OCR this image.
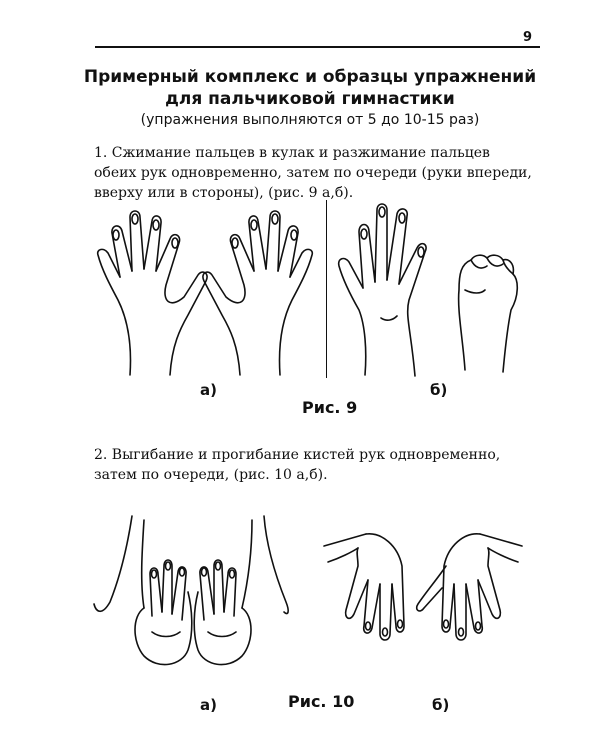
9
Примерный комплекс и образцы упражнений
для пальчиковой гимнастики
(упражнения выполняются от 5 до 10-15 раз)
1. Сжимание пальцев в кулак и разжимание пальцев обеих рук одновременно, затем по очереди (руки впереди, вверху или в стороны), (рис. 9 а,б).
а)	б)
Рис. 9
2. Выгибание и прогибание кистей рук одновременно, затем по очереди, (рис. 10 а,б).
а)	Рис. 10	б)
